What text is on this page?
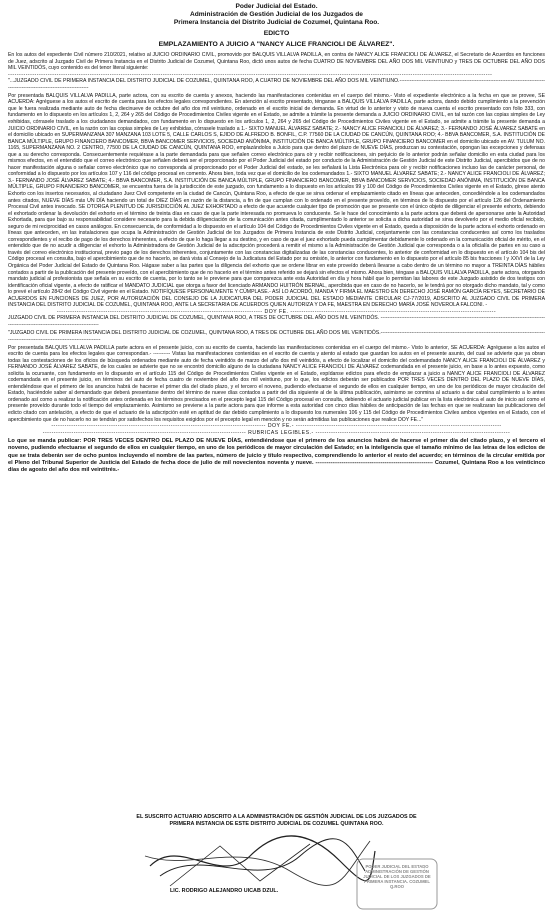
Poder Judicial del Estado.
Administración de Gestión Judicial de los Juzgados de
Primera Instancia del Distrito Judicial de Cozumel, Quintana Roo.
EDICTO
EMPLAZAMIENTO A JUICIO A "NANCY ALICE FRANCIOLI DE ÁLVAREZ".

En los autos del expediente Civil número 210/2021, relativo al JUICIO ORDINARIO CIVIL, promovido por BALQUIS VILLALVA PADILLA, en contra de NANCY ALICE FRANCIOLI DE ÁLVAREZ, el Secretario de Acuerdos en funciones de Juez, adscrito al Juzgado Civil de Primera Instancia en el Distrito Judicial de Cozumel, Quintana Roo, dictó unos autos de fecha CUATRO DE NOVIEMBRE DEL AÑO DOS MIL VEINTIUNO y TRES DE OCTUBRE DEL AÑO DOS MIL VEINTIDÓS, cuyo contenido es del tenor literal siguiente:

---------------------------------------------------------------------------------------------------------------------------------------------------------------------------------------------------------------------------

"...JUZGADO CIVIL DE PRIMERA INSTANCIA DEL DISTRITO JUDICIAL DE COZUMEL, QUINTANA ROO, A CUATRO DE NOVIEMBRE DEL AÑO DOS MIL VEINTIUNO.------------------------------------------------------------------------------------------------------------------------------------

Por presentada BALQUIS VILLALVA PADILLA, parte actora, con su escrito de cuenta y anexos, haciendo las manifestaciones contenidas en el cuerpo del mismo.- Visto el expediente electrónico a la fecha en que se provee, SE ACUERDA: Agréguese a los autos el escrito de cuenta para los efectos legales correspondientes. En atención al escrito presentado, ténganse a BALQUIS VILLALVA PADILLA, parte actora, dando debido cumplimiento a la prevención que le fuera realizada mediante auto de fecha diecinueve de octubre del año dos mil veintiuno, ordenado en el escrito inicial de demanda. En virtud de lo anterior y visto de nueva cuenta el escrito presentado con folio 333, con fundamento en lo dispuesto en los artículos 1, 2, 264 y 265 del Código de Procedimientos Civiles vigente en el Estado, se admite a trámite la presente demanda a JUICIO ORDINARIO CIVIL, en tal razón con las copias simples de Ley exhibidas, córrasele traslado a los ciudadanos demandados, con fundamento en lo dispuesto en los artículos 1, 2, 264 y 265 del Código de Procedimientos Civiles vigente en el Estado, se admite a trámite la presente demanda a JUICIO ORDINARIO CIVIL, en la razón con las copias simples de Ley exhibidas, córrasele traslado a 1.- SIXTO MANUEL ÁLVAREZ SABATE; 2.- NANCY ALICE FRANCIOLI DE ÁLVAREZ; 3.- FERNANDO JOSÉ ÁLVAREZ SABATE en el domicilio ubicado en SUPERMANZANA 307 MANZANA 103 LOTE 5, CALLE CARLOS S, EJIDO DE ALFREDO B. BONFIL, C.P. 77560 DE LA CIUDAD DE CANCÚN, QUINTANA ROO; 4.- BBVA BANCOMER, S.A. INSTITUCIÓN DE BANCA MÚLTIPLE, GRUPO FINANCIERO BANCOMER, BBVA BANCOMER SERVICIOS, SOCIEDAD ANÓNIMA, INSTITUCIÓN DE BANCA MÚLTIPLE, GRUPO FINANCIERO BANCOMER en el domicilio ubicado en AV. TULUM NO. 1165, SUPERMANZANA NO. 2 CENTRO, 77500 DE LA CIUDAD DE CANCÚN, QUINTANA ROO, emplazándolos a Juicio para que dentro del plazo de NUEVE DÍAS, produzcan su contestación, opongan las excepciones y defensas que a su derecho corresponda. Consecuentemente requiérase a la parte demandada para que señalen correo electrónico para oír y recibir notificaciones, sin perjuicio de lo anterior podrán señalar domicilio en esta ciudad para los mismos efectos, en el entendido que el correo electrónico que señalen deberá ser el proporcionado por el Poder Judicial del estado por conducto de la Administración de Gestión Judicial de este Distrito Judicial, apercibidos que de no hacer manifestación alguna o señalar correo electrónico que no corresponda al proporcionado por el Poder Judicial del estado, se les señalará la Lista Electrónica para oír y recibir notificaciones incluso las de carácter personal, de conformidad a lo dispuesto por los artículos 107 y 116 del código procesal en comento. Ahora bien, toda vez que el domicilio de los codemandados 1.- SIXTO MANUEL ÁLVAREZ SABATE; 2.- NANCY ALICE FRANCIOLI DE ÁLVAREZ; 3.- FERNANDO JOSÉ ÁLVAREZ SABATE; 4.- BBVA BANCOMER, S.A. INSTITUCIÓN DE BANCA MÚLTIPLE, GRUPO FINANCIERO BANCOMER, BBVA BANCOMER SERVICIOS, SOCIEDAD ANÓNIMA, INSTITUCIÓN DE BANCA MÚLTIPLE, GRUPO FINANCIERO BANCOMER, se encuentra fuera de la jurisdicción de este juzgado, con fundamento a lo dispuesto en los artículos 99 y 100 del Código de Procedimientos Civiles vigente en el Estado, gírese atento Exhorto con los insertos necesarios, al ciudadano Juez Civil competente en la ciudad de Cancún, Quintana Roo, a efecto de que se sirva ordenar el emplazamiento citado en líneas que anteceden, concediéndole a los codemandados antes citados, NUEVE DÍAS más UN DÍA haciendo un total de DIEZ DÍAS en razón de la distancia, a fin de que cumplan con lo ordenado en el presente proveído, en términos de lo dispuesto por el artículo 126 del Ordenamiento Procesal Civil antes invocado. SE OTORGA PLENITUD DE JURISDICCIÓN AL JUEZ EXHORTADO a efecto de que acuerde cualquier tipo de promoción que se presente con el único objeto de diligenciar el presente exhorto, debiendo el exhortado ordenar la devolución del exhorto en el término de treinta días en caso de que la parte interesada no promueva lo conducente. Se le hace del conocimiento a la parte actora que deberá de apersonarse ante la Autoridad Exhortada, para que bajo su responsabilidad considere necesario para la debida diligenciación de la comunicación antes citada, cumplimentado lo anterior se solicita a dicha autoridad se sirva devolverlo por el medio oficial recibido, seguro de mi reciprocidad en casos análogos. En consecuencia, de conformidad a lo dispuesto en el artículo 104 del Código de Procedimientos Civiles vigente en el Estado, queda a disposición de la parte actora el exhorto ordenado en líneas que anteceden, en las instalaciones que ocupa la Administración de Gestión Judicial de los Juzgados de Primera Instancia de este Distrito Judicial, conjuntamente con las constancias conducentes así como los traslados correspondientes y el recibo de pago de los derechos inherentes, a efecto de que lo haga llegar a su destino, y en caso de que el juez exhortado pueda cumplimentar debidamente lo ordenado en la comunicación oficial de mérito, en el entendido que de no acudir a diligenciar el exhorto la Administradora de Gestión Judicial de la adscripción procederá a remitir el mismo a la Administración de Gestión Judicial que corresponda o a la oficialía de partes en su caso a través del correo electrónico institucional, previo pago de los derechos inherentes, conjuntamente con las constancias digitalizadas de las constancias conducentes, lo anterior de conformidad en lo dispuesto en el artículo 104 bis del Código procesal en consulta, bajo el apercibimiento que de no hacerlo, se dará vista al Consejo de la Judicatura del Estado por su omisión, lo anterior con fundamento en lo dispuesto por el artículo 85 bis fracciones I y XXVI de la Ley Orgánica del Poder Judicial del Estado de Quintana Roo. Hágase saber a las partes que la diligencia del exhorto que se ordene librar en este proveído deberá llevarse a cabo dentro de un término no mayor a TREINTA DÍAS hábiles contados a partir de la publicación del presente proveído, con el apercibimiento que de no hacerlo en el término antes referido se dejará sin efectos el mismo. Ahora bien, téngase a BALQUIS VILLALVA PADILLA, parte actora, otorgando mandato judicial al profesionista que señala en su escrito de cuenta, por lo tanto se le previene para que comparezca ante esta Autoridad en día y hora hábil que lo permitan las labores de este Juzgado asistido de dos testigos con identificación oficial vigente, a efecto de ratificar el MANDATO JUDICIAL que otorga a favor del licenciado ARMANDO HUITRÓN BERNAL, apercibida que en caso de no hacerlo, se le tendrá por no otorgado dicho mandato, tal y como lo prevé el artículo 2842 del Código Civil vigente en el Estado. NOTIFÍQUESE PERSONALMENTE Y CÚMPLASE.- ASÍ LO ACORDÓ, MANDA Y FIRMA EL MAESTRO EN DERECHO JOSÉ RAMÓN GARCÍA REYES, SECRETARIO DE ACUERDOS EN FUNCIONES DE JUEZ, POR AUTORIZACIÓN DEL CONSEJO DE LA JUDICATURA DEL PODER JUDICIAL DEL ESTADO MEDIANTE CIRCULAR CJ-77/2019, ADSCRITO AL JUZGADO CIVIL DE PRIMERA INSTANCIA DEL DISTRITO JUDICIAL DE COZUMEL, QUINTANA ROO, ANTE LA SECRETARIA DE ACUERDOS QUIEN AUTORIZA Y DA FE, MAESTRA EN DERECHO MARÍA JOSÉ NOVEROLA FALCONI. -

--------------------------------------------------------------------------------------------- DOY FE. ---------------------------------------------------------------------------------------------

JUZGADO CIVIL DE PRIMERA INSTANCIA DEL DISTRITO JUDICIAL DE COZUMEL, QUINTANA ROO, A TRES DE OCTUBRE DEL AÑO DOS MIL VEINTIDÓS. -----------------------------------------------------------------------------------------------------------------------------------------------------

"JUZGADO CIVIL DE PRIMERA INSTANCIA DEL DISTRITO JUDICIAL DE COZUMEL, QUINTANA ROO, A TRES DE OCTUBRE DEL AÑO DOS MIL VEINTIDÓS.------------------------------------------------------------------------------------------------------------------------------------------------------

Por presentada BALQUIS VILLALVA PADILLA parte actora en el presente juicio, con su escrito de cuenta, haciendo las manifestaciones contenidas en el cuerpo del mismo.- Visto lo anterior, SE ACUERDA: Agréguese a los autos el escrito de cuenta para los efectos legales que correspondan.- ---------- Vistas las manifestaciones contenidas en el escrito de cuenta y atento al estado que guardan los autos en el presente asunto, del cual se advierte que ya obran todas las contestaciones de los oficios de búsqueda ordenados mediante auto de fecha veintidós de marzo del año dos mil veintidós, a efecto de localizar el domicilio del codemandado NANCY ALICE FRANCIOLI DE ÁLVAREZ y FERNANDO JOSÉ ÁLVAREZ SABATE, de los cuales se advierte que no se encontró domicilio alguno de la ciudadana NANCY ALICE FRANCIOLI DE ÁLVAREZ codemandada en el presente juicio, en base a lo antes expuesto, como solicita la ocursante, con fundamento en lo dispuesto en el artículo 115 del Código de Procedimientos Civiles vigente en el Estado, expídanse edictos para efecto de emplazar a juicio a NANCY ALICE FRANCIOLI DE ÁLVAREZ codemandada en el presente juicio, en términos del auto de fecha cuatro de noviembre del año dos mil veintiuno, por lo que, los edictos deberán ser publicados POR TRES VECES DENTRO DEL PLAZO DE NUEVE DÍAS, entendiéndose que el primero de los anuncios habrá de hacerse el primer día del citado plazo, y el tercero el noveno, pudiendo efectuarse el segundo de ellos en cualquier tiempo, en uno de los periódicos de mayor circulación del Estado, haciéndole saber al demandado que deberá presentarse dentro del término de nueve días contados a partir del día siguiente al de la última publicación, asimismo se conmina al actuario a dar cabal cumplimiento a lo antes ordenado así como a realizar la notificación antes ordenada en los términos precisados en el precepto legal 115 del Código procesal en consulta, debiendo el actuario judicial publicar en la lista electrónica el auto de inicio así como el presente proveído durante todo el tiempo del emplazamiento. Asimismo se previene a la parte actora para que informe a esta autoridad con cinco días hábiles de anticipación de las fechas en que se realizaran las publicaciones del edicto citado con antelación, a efecto de que el actuario de la adscripción esté en aptitud de dar debido cumplimiento a lo dispuesto los numerales 106 y 115 del Código de Procedimientos Civiles ambos vigentes en el Estado, con el apercibimiento que de no hacerlo no se tendrán por satisfechos los requisitos exigidos por el precepto legal en mención y no serán admitidas las publicaciones que realice DOY FE..."

------------------------------------------------------------------------------------------------- DOY FE.- ---------------------------------------------------------------------------------------------
-------------------------------------------------------------------------------------------- RUBRICAS LEGIBLES.- ----------------------------------------------------------------------------------------

Lo que se manda publicar: POR TRES VECES DENTRO DEL PLAZO DE NUEVE DÍAS, entendiéndose que el primero de los anuncios habrá de hacerse el primer día del citado plazo, y el tercero el noveno, pudiendo efectuarse el segundo de ellos en cualquier tiempo, en uno de los periódicos de mayor circulación del Estado; en la inteligencia que el tamaño mínimo de las letras de los edictos de que se trata deberán ser de ocho puntos incluyendo el nombre de las partes, número de juicio y título respectivo, comprendiendo lo anterior el resto del acuerdo; en términos de la circular emitida por el Pleno del Tribunal Superior de Justicia del Estado de fecha doce de julio de mil novecientos noventa y nueve. --------------------------------------------------------------- Cozumel, Quintana Roo a los veinticinco días de agosto del año dos mil veintitrés.-

EL SUSCRITO ACTUARIO ADSCRITO A LA ADMINISTRACIÓN DE GESTIÓN JUDICIAL DE LOS JUZGADOS DE
PRIMERA INSTANCIA DE ESTE DISTRITO JUDICIAL DE COZUMEL QUINTANA ROO.
LIC. RODRIGO ALEJANDRO UICAB DZUL.
PODER JUDICIAL DEL ESTADO ADMINISTRACIÓN DE GESTIÓN JUDICIAL DE LOS JUZGADOS DE PRIMERA INSTANCIA. COZUMEL Q.ROO
